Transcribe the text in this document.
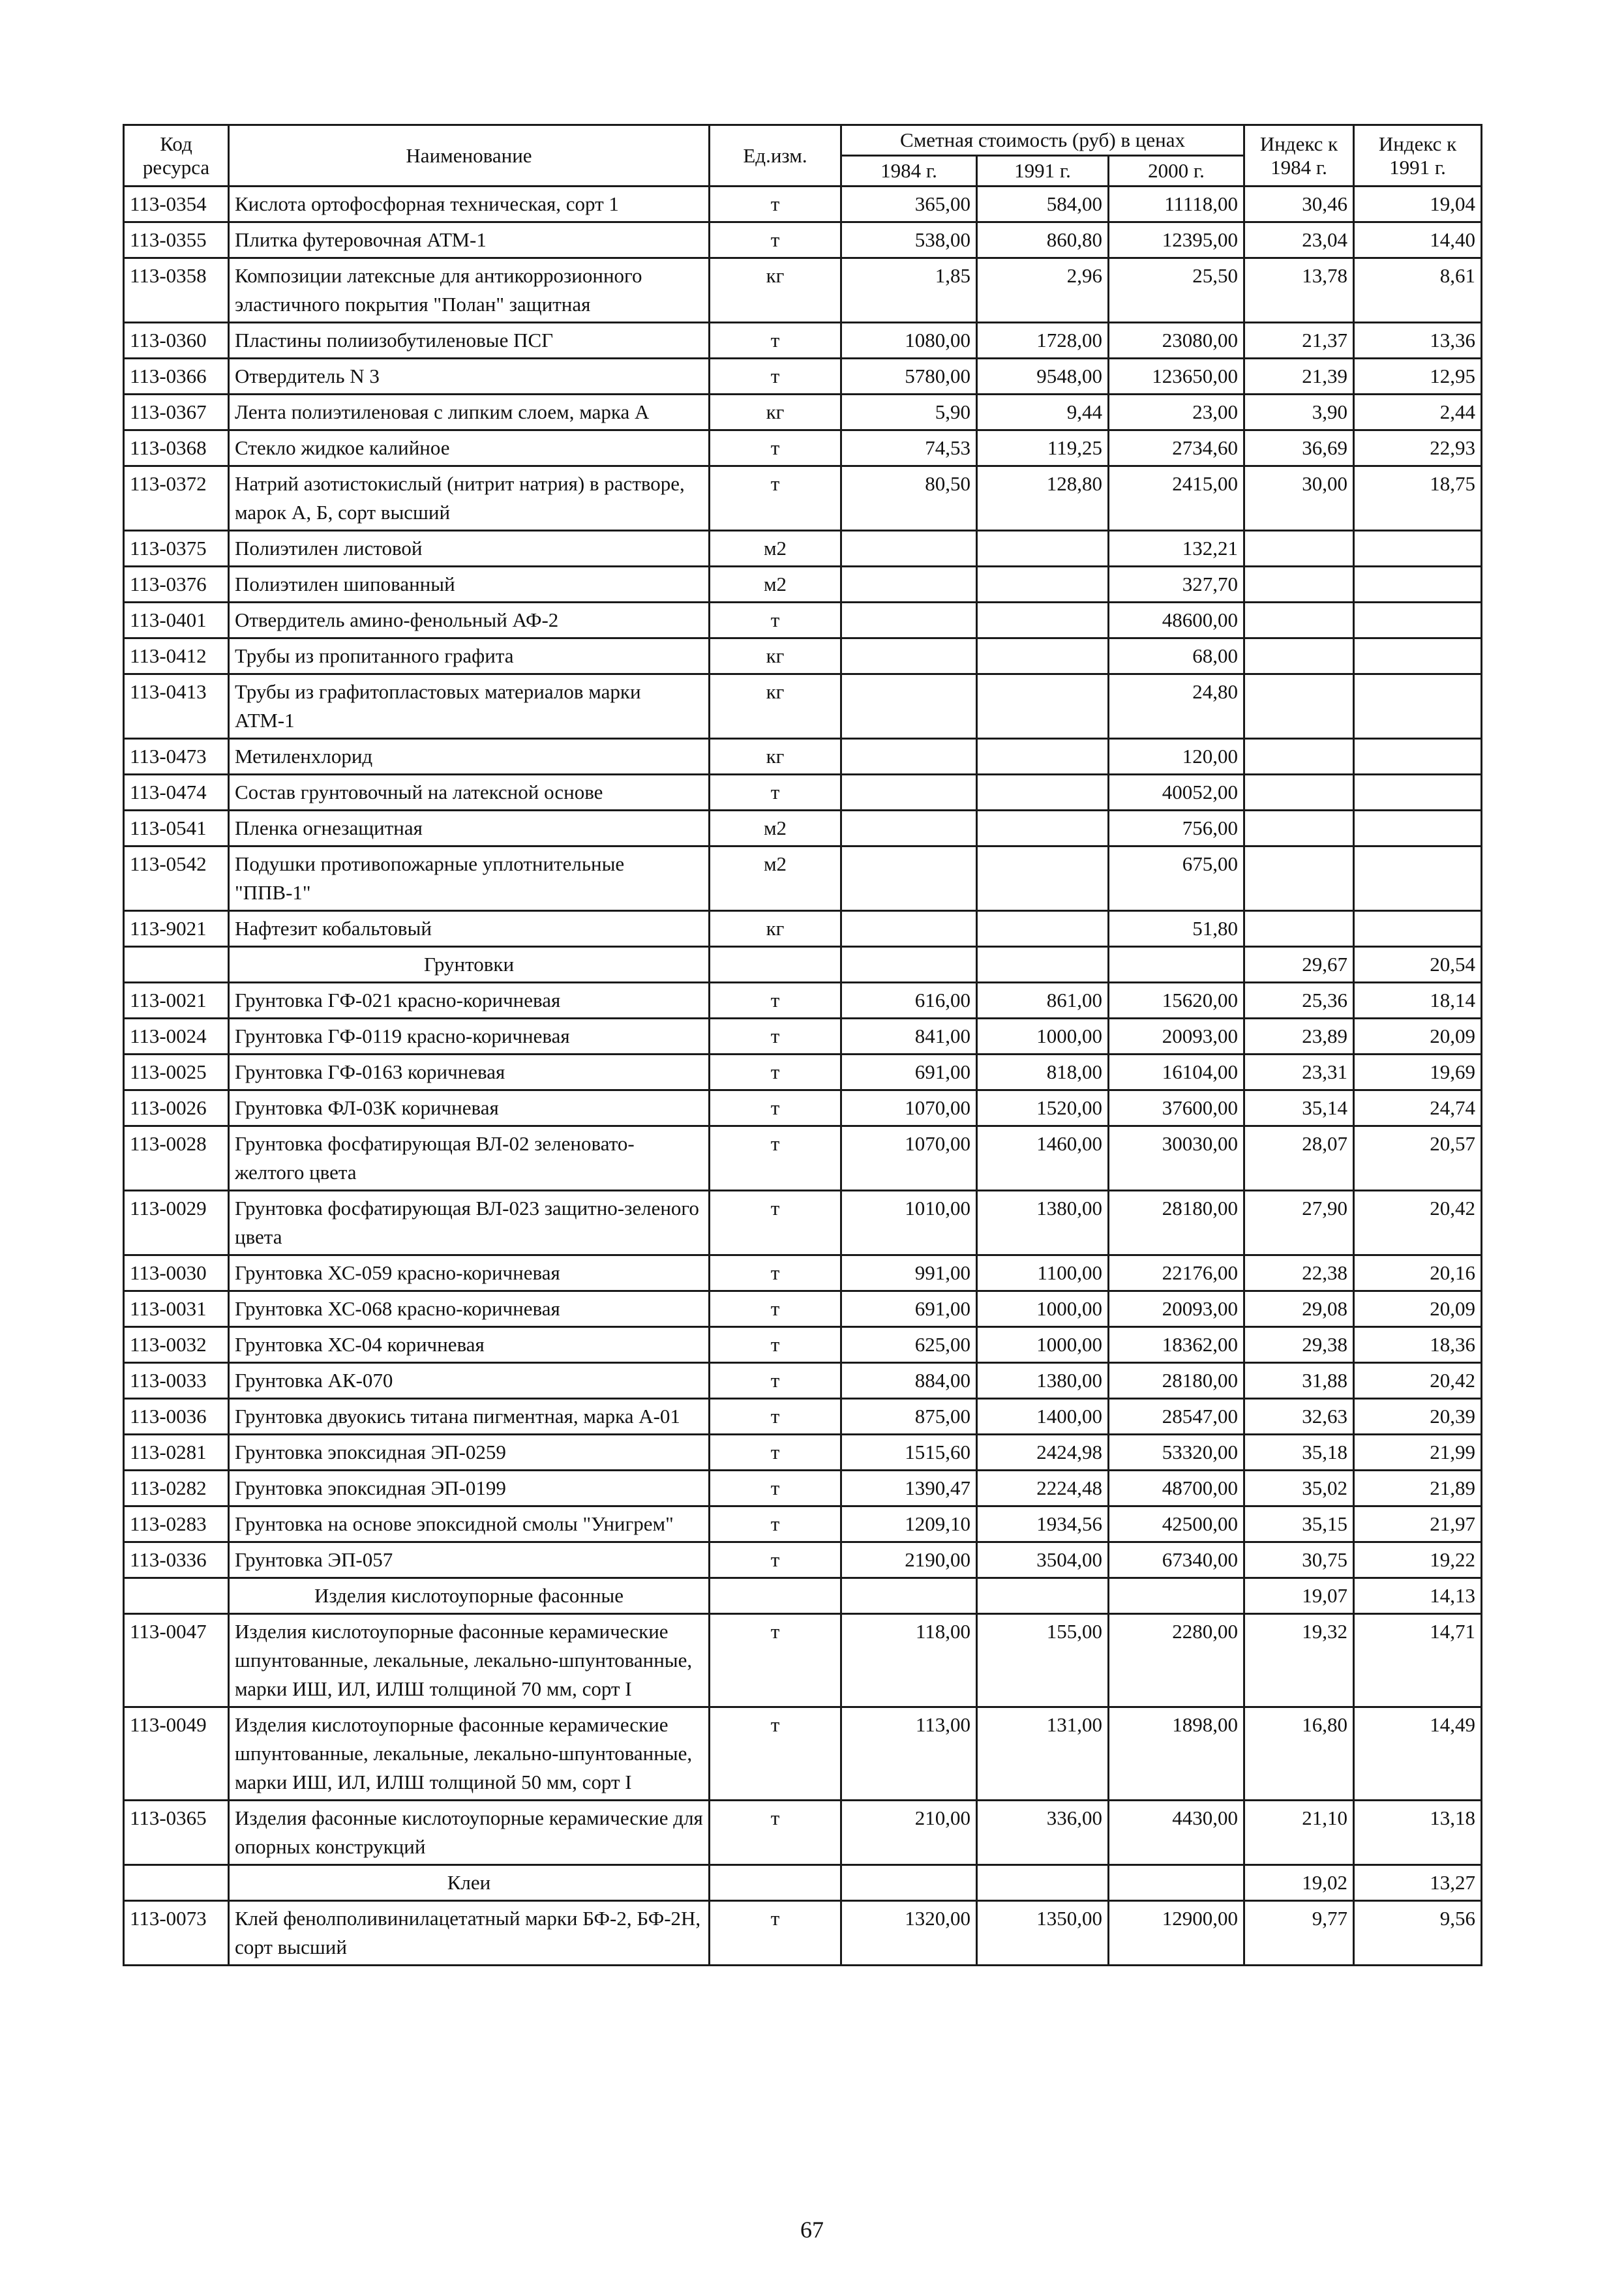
Код ресурса	Наименование	Ед.изм.	Сметная стоимость (руб) в ценах			Индекс к 1984 г.	Индекс к 1991 г.
			1984 г.	1991 г.	2000 г.		
113-0354	Кислота ортофосфорная техническая, сорт 1	т	365,00	584,00	11118,00	30,46	19,04
113-0355	Плитка футеровочная АТМ-1	т	538,00	860,80	12395,00	23,04	14,40
113-0358	Композиции латексные для антикоррозионного эластичного покрытия "Полан" защитная	кг	1,85	2,96	25,50	13,78	8,61
113-0360	Пластины полиизобутиленовые ПСГ	т	1080,00	1728,00	23080,00	21,37	13,36
113-0366	Отвердитель N 3	т	5780,00	9548,00	123650,00	21,39	12,95
113-0367	Лента полиэтиленовая с липким слоем, марка А	кг	5,90	9,44	23,00	3,90	2,44
113-0368	Стекло жидкое калийное	т	74,53	119,25	2734,60	36,69	22,93
113-0372	Натрий азотистокислый (нитрит натрия) в растворе, марок А, Б, сорт высший	т	80,50	128,80	2415,00	30,00	18,75
113-0375	Полиэтилен листовой	м2			132,21		
113-0376	Полиэтилен шипованный	м2			327,70		
113-0401	Отвердитель амино-фенольный АФ-2	т			48600,00		
113-0412	Трубы из пропитанного графита	кг			68,00		
113-0413	Трубы из графитопластовых материалов марки АТМ-1	кг			24,80		
113-0473	Метиленхлорид	кг			120,00		
113-0474	Состав грунтовочный на латексной основе	т			40052,00		
113-0541	Пленка огнезащитная	м2			756,00		
113-0542	Подушки противопожарные уплотнительные "ППВ-1"	м2			675,00		
113-9021	Нафтезит кобальтовый	кг			51,80		
	Грунтовки					29,67	20,54
113-0021	Грунтовка ГФ-021 красно-коричневая	т	616,00	861,00	15620,00	25,36	18,14
113-0024	Грунтовка ГФ-0119 красно-коричневая	т	841,00	1000,00	20093,00	23,89	20,09
113-0025	Грунтовка ГФ-0163 коричневая	т	691,00	818,00	16104,00	23,31	19,69
113-0026	Грунтовка ФЛ-03К коричневая	т	1070,00	1520,00	37600,00	35,14	24,74
113-0028	Грунтовка фосфатирующая ВЛ-02 зеленовато-желтого цвета	т	1070,00	1460,00	30030,00	28,07	20,57
113-0029	Грунтовка фосфатирующая ВЛ-023 защитно-зеленого цвета	т	1010,00	1380,00	28180,00	27,90	20,42
113-0030	Грунтовка ХС-059 красно-коричневая	т	991,00	1100,00	22176,00	22,38	20,16
113-0031	Грунтовка ХС-068 красно-коричневая	т	691,00	1000,00	20093,00	29,08	20,09
113-0032	Грунтовка ХС-04 коричневая	т	625,00	1000,00	18362,00	29,38	18,36
113-0033	Грунтовка АК-070	т	884,00	1380,00	28180,00	31,88	20,42
113-0036	Грунтовка двуокись титана пигментная, марка А-01	т	875,00	1400,00	28547,00	32,63	20,39
113-0281	Грунтовка эпоксидная ЭП-0259	т	1515,60	2424,98	53320,00	35,18	21,99
113-0282	Грунтовка эпоксидная ЭП-0199	т	1390,47	2224,48	48700,00	35,02	21,89
113-0283	Грунтовка на основе эпоксидной смолы "Унигрем"	т	1209,10	1934,56	42500,00	35,15	21,97
113-0336	Грунтовка ЭП-057	т	2190,00	3504,00	67340,00	30,75	19,22
	Изделия кислотоупорные фасонные					19,07	14,13
113-0047	Изделия кислотоупорные фасонные керамические шпунтованные, лекальные, лекально-шпунтованные, марки ИШ, ИЛ, ИЛШ толщиной 70 мм, сорт I	т	118,00	155,00	2280,00	19,32	14,71
113-0049	Изделия кислотоупорные фасонные керамические шпунтованные, лекальные, лекально-шпунтованные, марки ИШ, ИЛ, ИЛШ толщиной 50 мм, сорт I	т	113,00	131,00	1898,00	16,80	14,49
113-0365	Изделия фасонные кислотоупорные керамические для опорных конструкций	т	210,00	336,00	4430,00	21,10	13,18
	Клеи					19,02	13,27
113-0073	Клей фенолполивинилацетатный марки БФ-2, БФ-2Н, сорт высший	т	1320,00	1350,00	12900,00	9,77	9,56
67
